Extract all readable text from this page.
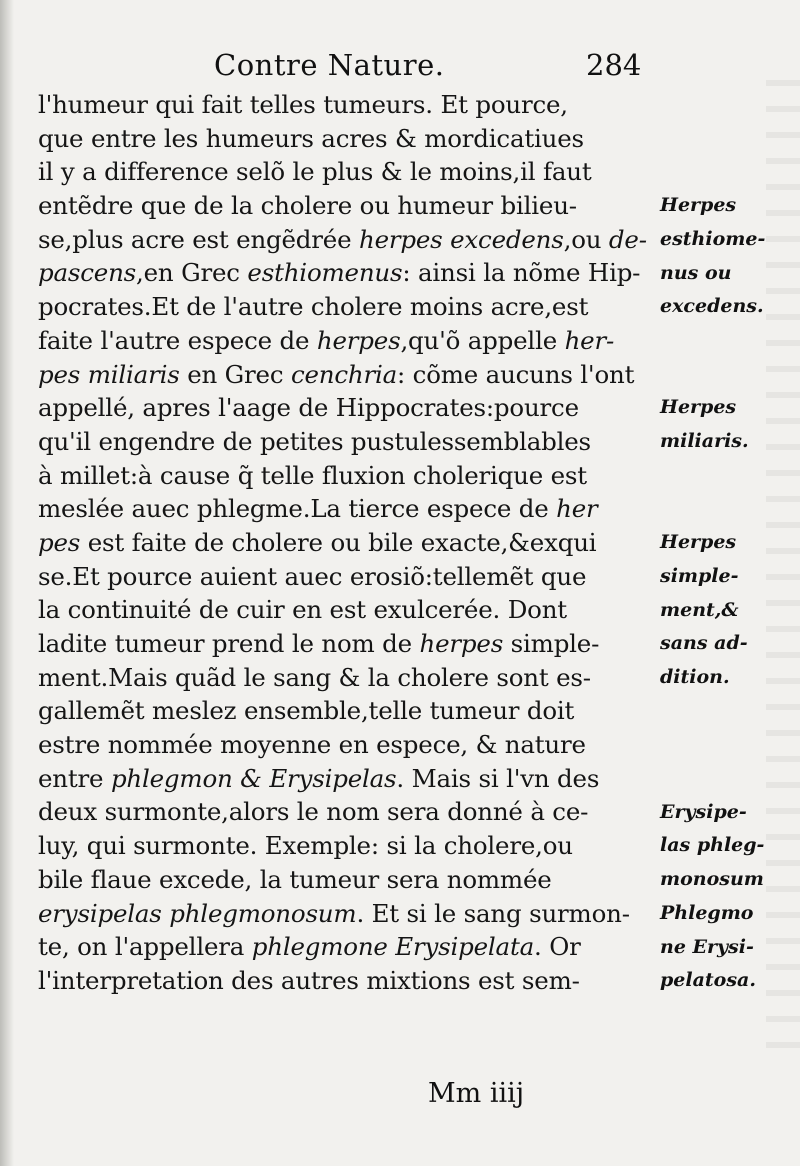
Contre Nature.	284
l'humeur qui fait telles tumeurs. Et pource,
que entre les humeurs acres & mordicatiues
il y a difference selõ le plus & le moins,il faut
entẽdre que de la cholere ou humeur bilieu-
se,plus acre est engẽdrée herpes excedens,ou de-
pascens,en Grec esthiomenus: ainsi la nõme Hip-
pocrates.Et de l'autre cholere moins acre,est
faite l'autre espece de herpes,qu'õ appelle her-
pes miliaris en Grec cenchria: cõme aucuns l'ont
appellé, apres l'aage de Hippocrates:pource
qu'il engendre de petites pustulessemblables
à millet:à cause q̃ telle fluxion cholerique est
meslée auec phlegme.La tierce espece de her
pes est faite de cholere ou bile exacte,&exqui
se.Et pource auient auec erosiõ:tellemẽt que
la continuité de cuir en est exulcerée. Dont
ladite tumeur prend le nom de herpes simple-
ment.Mais quãd le sang & la cholere sont es-
gallemẽt meslez ensemble,telle tumeur doit
estre nommée moyenne en espece, & nature
entre phlegmon & Erysipelas. Mais si l'vn des
deux surmonte,alors le nom sera donné à ce-
luy, qui surmonte. Exemple: si la cholere,ou
bile flaue excede, la tumeur sera nommée
erysipelas phlegmonosum. Et si le sang surmon-
te, on l'appellera phlegmone Erysipelata. Or
l'interpretation des autres mixtions est sem-
Herpes
esthiome-
nus ou
excedens.
Herpes
miliaris.
Herpes
simple-
ment,&
sans ad-
dition.
Erysipe-
las phleg-
monosum
Phlegmo
ne Erysi-
pelatosa.
Mm iiij
